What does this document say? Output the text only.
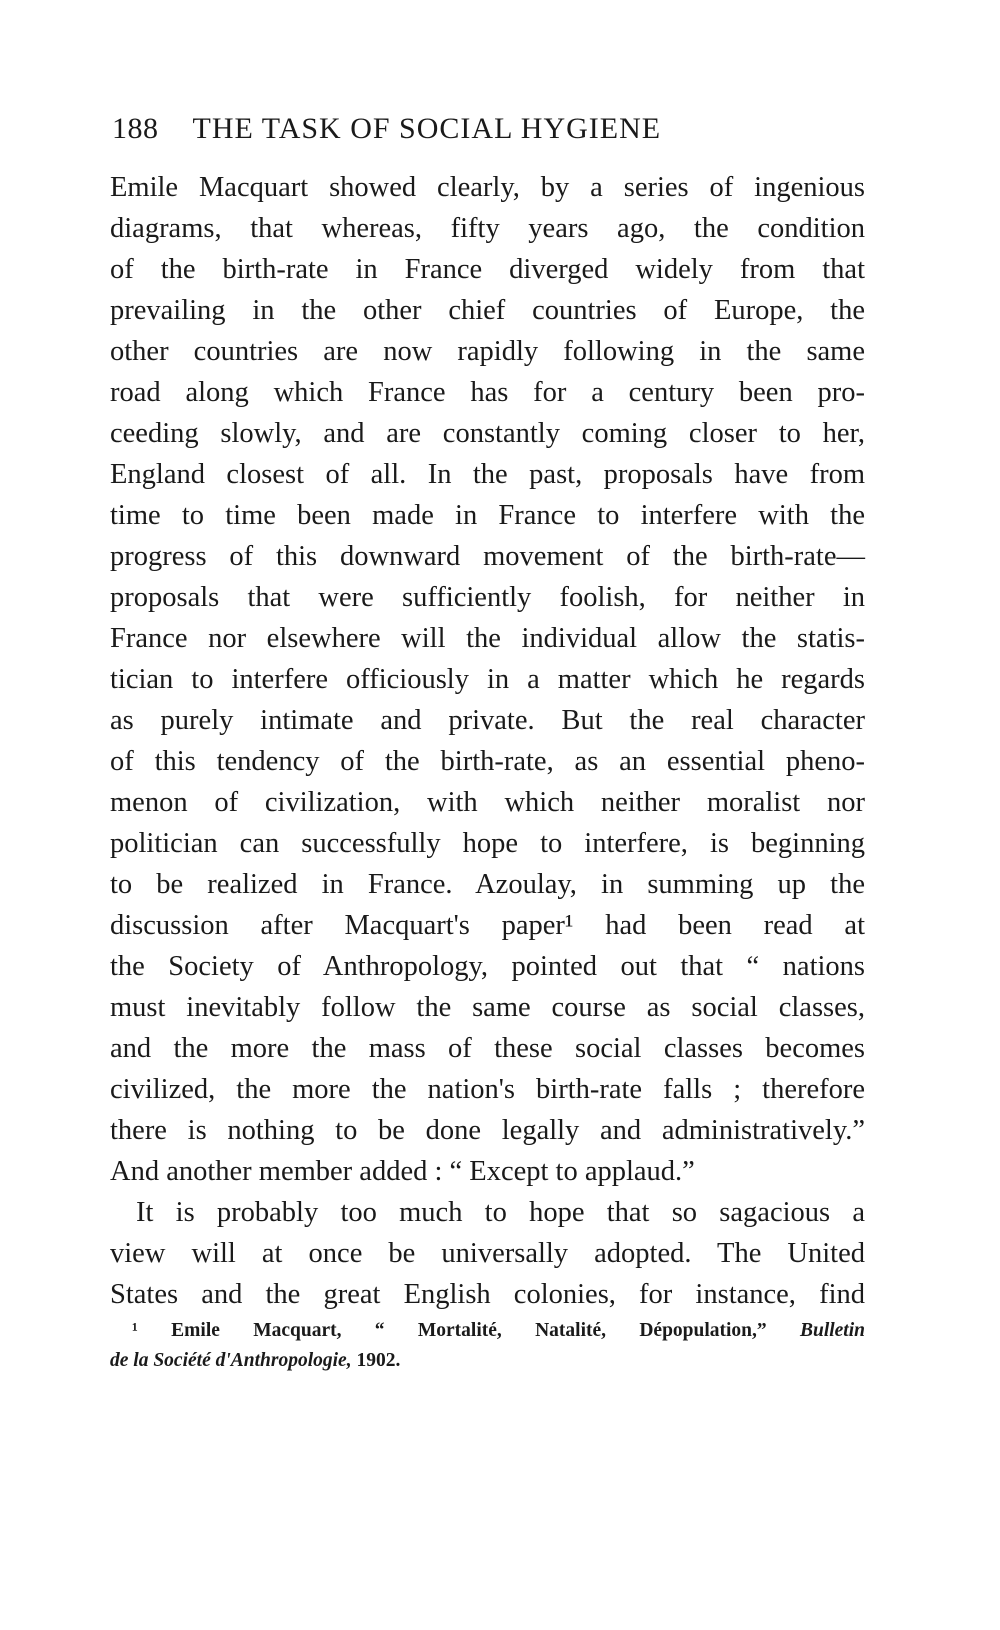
188 THE TASK OF SOCIAL HYGIENE
Emile Macquart showed clearly, by a series of ingenious
diagrams, that whereas, fifty years ago, the condition
of the birth-rate in France diverged widely from that
prevailing in the other chief countries of Europe, the
other countries are now rapidly following in the same
road along which France has for a century been pro-
ceeding slowly, and are constantly coming closer to her,
England closest of all. In the past, proposals have from
time to time been made in France to interfere with the
progress of this downward movement of the birth-rate—
proposals that were sufficiently foolish, for neither in
France nor elsewhere will the individual allow the statis-
tician to interfere officiously in a matter which he regards
as purely intimate and private. But the real character
of this tendency of the birth-rate, as an essential pheno-
menon of civilization, with which neither moralist nor
politician can successfully hope to interfere, is beginning
to be realized in France. Azoulay, in summing up the
discussion after Macquart's paper¹ had been read at
the Society of Anthropology, pointed out that “ nations
must inevitably follow the same course as social classes,
and the more the mass of these social classes becomes
civilized, the more the nation's birth-rate falls ; therefore
there is nothing to be done legally and administratively.”
And another member added : “ Except to applaud.”
It is probably too much to hope that so sagacious a
view will at once be universally adopted. The United
States and the great English colonies, for instance, find
¹ Emile Macquart, “ Mortalité, Natalité, Dépopulation,” Bulletin
de la Société d'Anthropologie, 1902.
